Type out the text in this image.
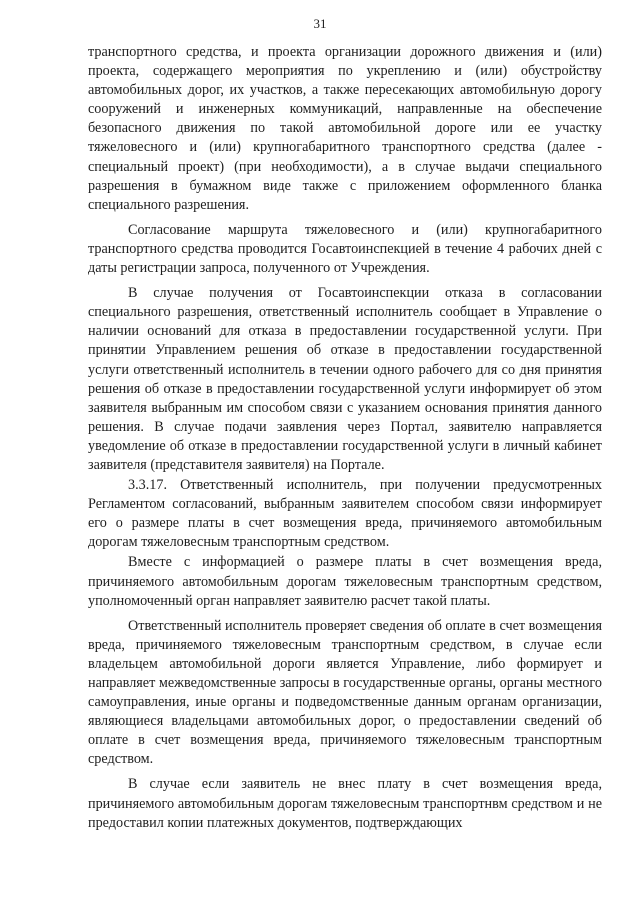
31

транспортного средства, и проекта организации дорожного движения и (или) проекта, содержащего мероприятия по укреплению и (или) обустройству автомобильных дорог, их участков, а также пересекающих автомобильную дорогу сооружений и инженерных коммуникаций, направленные на обеспечение безопасного движения по такой автомобильной дороге или ее участку тяжеловесного и (или) крупногабаритного транспортного средства (далее - специальный проект) (при необходимости), а в случае выдачи специального разрешения в бумажном виде также с приложением оформленного бланка специального разрешения.

Согласование маршрута тяжеловесного и (или) крупногабаритного транспортного средства проводится Госавтоинспекцией в течение 4 рабочих дней с даты регистрации запроса, полученного от Учреждения.

В случае получения от Госавтоинспекции отказа в согласовании специального разрешения, ответственный исполнитель сообщает в Управление о наличии оснований для отказа в предоставлении государственной услуги. При принятии Управлением решения об отказе в предоставлении государственной услуги ответственный исполнитель в течении одного рабочего для со дня принятия решения об отказе в предоставлении государственной услуги информирует об этом заявителя выбранным им способом связи с указанием основания принятия данного решения. В случае подачи заявления через Портал, заявителю направляется уведомление об отказе в предоставлении государственной услуги в личный кабинет заявителя (представителя заявителя) на Портале.

3.3.17. Ответственный исполнитель, при получении предусмотренных Регламентом согласований, выбранным заявителем способом связи информирует его о размере платы в счет возмещения вреда, причиняемого автомобильным дорогам тяжеловесным транспортным средством.

Вместе с информацией о размере платы в счет возмещения вреда, причиняемого автомобильным дорогам тяжеловесным транспортным средством, уполномоченный орган направляет заявителю расчет такой платы.

Ответственный исполнитель проверяет сведения об оплате в счет возмещения вреда, причиняемого тяжеловесным транспортным средством, в случае если владельцем автомобильной дороги является Управление, либо формирует и направляет межведомственные запросы в государственные органы, органы местного самоуправления, иные органы и подведомственные данным органам организации, являющиеся владельцами автомобильных дорог, о предоставлении сведений об оплате в счет возмещения вреда, причиняемого тяжеловесным транспортным средством.

В случае если заявитель не внес плату в счет возмещения вреда, причиняемого автомобильным дорогам тяжеловесным транспортнвм средством и не предоставил копии платежных документов, подтверждающих
